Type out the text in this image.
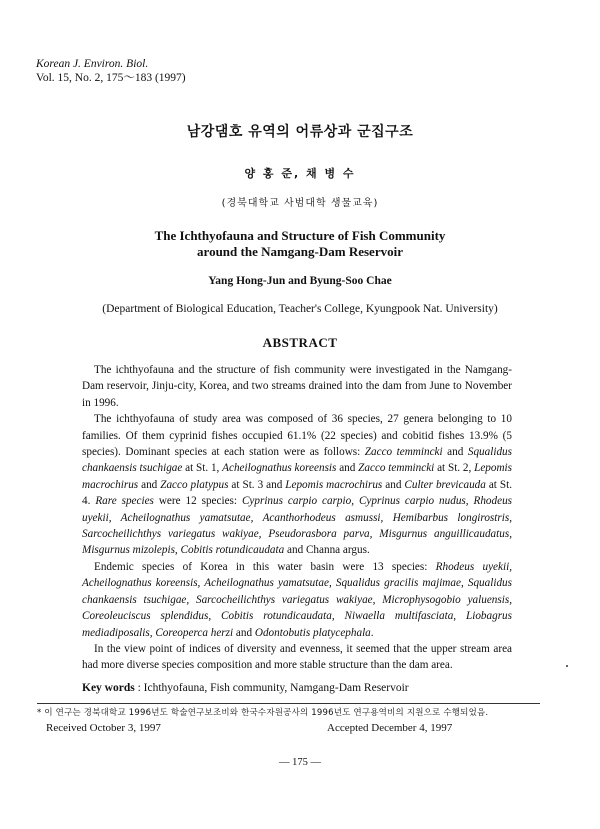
Korean J. Environ. Biol.
Vol. 15, No. 2, 175～183 (1997)
남강댐호 유역의 어류상과 군집구조
양 홍 준, 채 병 수
(경북대학교 사범대학 생물교육)
The Ichthyofauna and Structure of Fish Community
around the Namgang-Dam Reservoir
Yang Hong-Jun and Byung-Soo Chae
(Department of Biological Education, Teacher's College, Kyungpook Nat. University)
ABSTRACT

The ichthyofauna and the structure of fish community were investigated in the Namgang-Dam reservoir, Jinju-city, Korea, and two streams drained into the dam from June to November in 1996.

The ichthyofauna of study area was composed of 36 species, 27 genera belonging to 10 families. Of them cyprinid fishes occupied 61.1% (22 species) and cobitid fishes 13.9% (5 species). Dominant species at each station were as follows: Zacco temmincki and Squalidus chankaensis tsuchigae at St. 1, Acheilognathus koreensis and Zacco temmincki at St. 2, Lepomis macrochirus and Zacco platypus at St. 3 and Lepomis macrochirus and Culter brevicauda at St. 4. Rare species were 12 species: Cyprinus carpio carpio, Cyprinus carpio nudus, Rhodeus uyekii, Acheilognathus yamatsutae, Acanthorhodeus asmussi, Hemibarbus longirostris, Sarcocheilichthys variegatus wakiyae, Pseudorasbora parva, Misgurnus anguillicaudatus, Misgurnus mizolepis, Cobitis rotundicaudata and Channa argus.

Endemic species of Korea in this water basin were 13 species: Rhodeus uyekii, Acheilognathus koreensis, Acheilognathus yamatsutae, Squalidus gracilis majimae, Squalidus chankaensis tsuchigae, Sarcocheilichthys variegatus wakiyae, Microphysogobio yaluensis, Coreoleuciscus splendidus, Cobitis rotundicaudata, Niwaella multifasciata, Liobagrus mediadiposalis, Coreoperca herzi and Odontobutis platycephala.

In the view point of indices of diversity and evenness, it seemed that the upper stream area had more diverse species composition and more stable structure than the dam area.

Key words : Ichthyofauna, Fish community, Namgang-Dam Reservoir
* 이 연구는 경북대학교 1996년도 학술연구보조비와 한국수자원공사의 1996년도 연구용역비의 지원으로 수행되었음.
Received October 3, 1997	Accepted December 4, 1997
— 175 —
